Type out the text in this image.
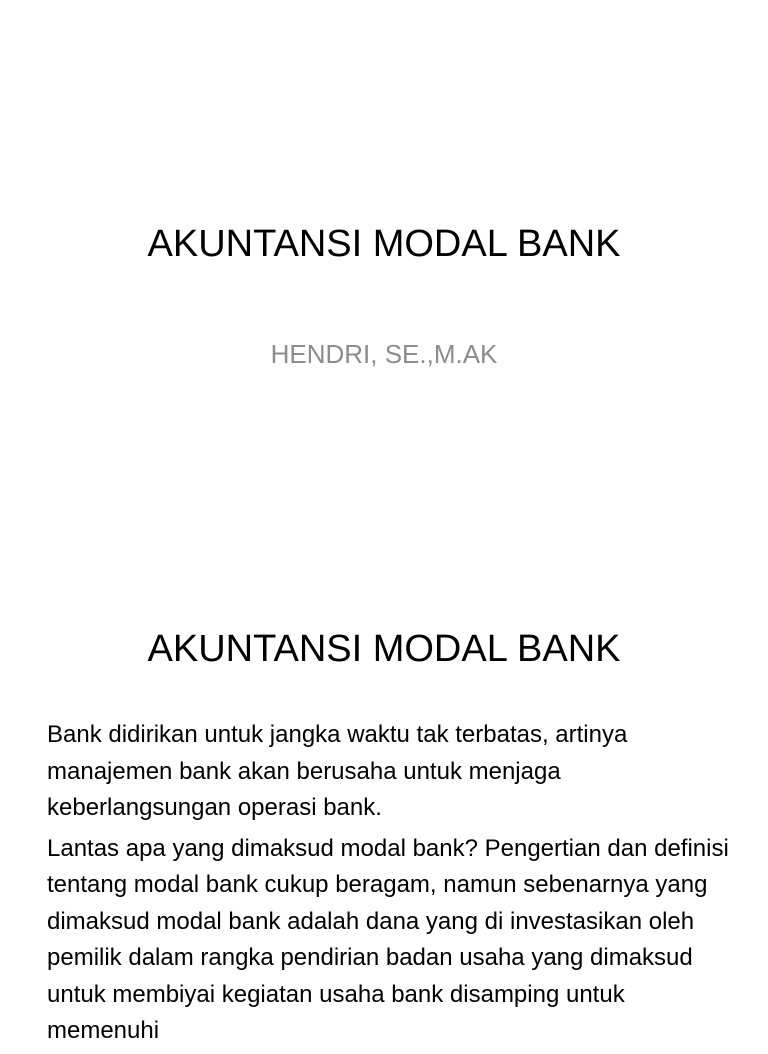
AKUNTANSI MODAL BANK

HENDRI, SE.,M.AK

AKUNTANSI MODAL BANK

Bank didirikan untuk jangka waktu tak terbatas, artinya manajemen bank akan berusaha untuk menjaga keberlangsungan operasi bank.

Lantas apa yang dimaksud modal bank? Pengertian dan definisi tentang modal bank cukup beragam, namun sebenarnya yang dimaksud modal bank adalah dana yang di investasikan oleh pemilik dalam rangka pendirian badan usaha yang dimaksud untuk membiyai kegiatan usaha bank disamping untuk memenuhi
